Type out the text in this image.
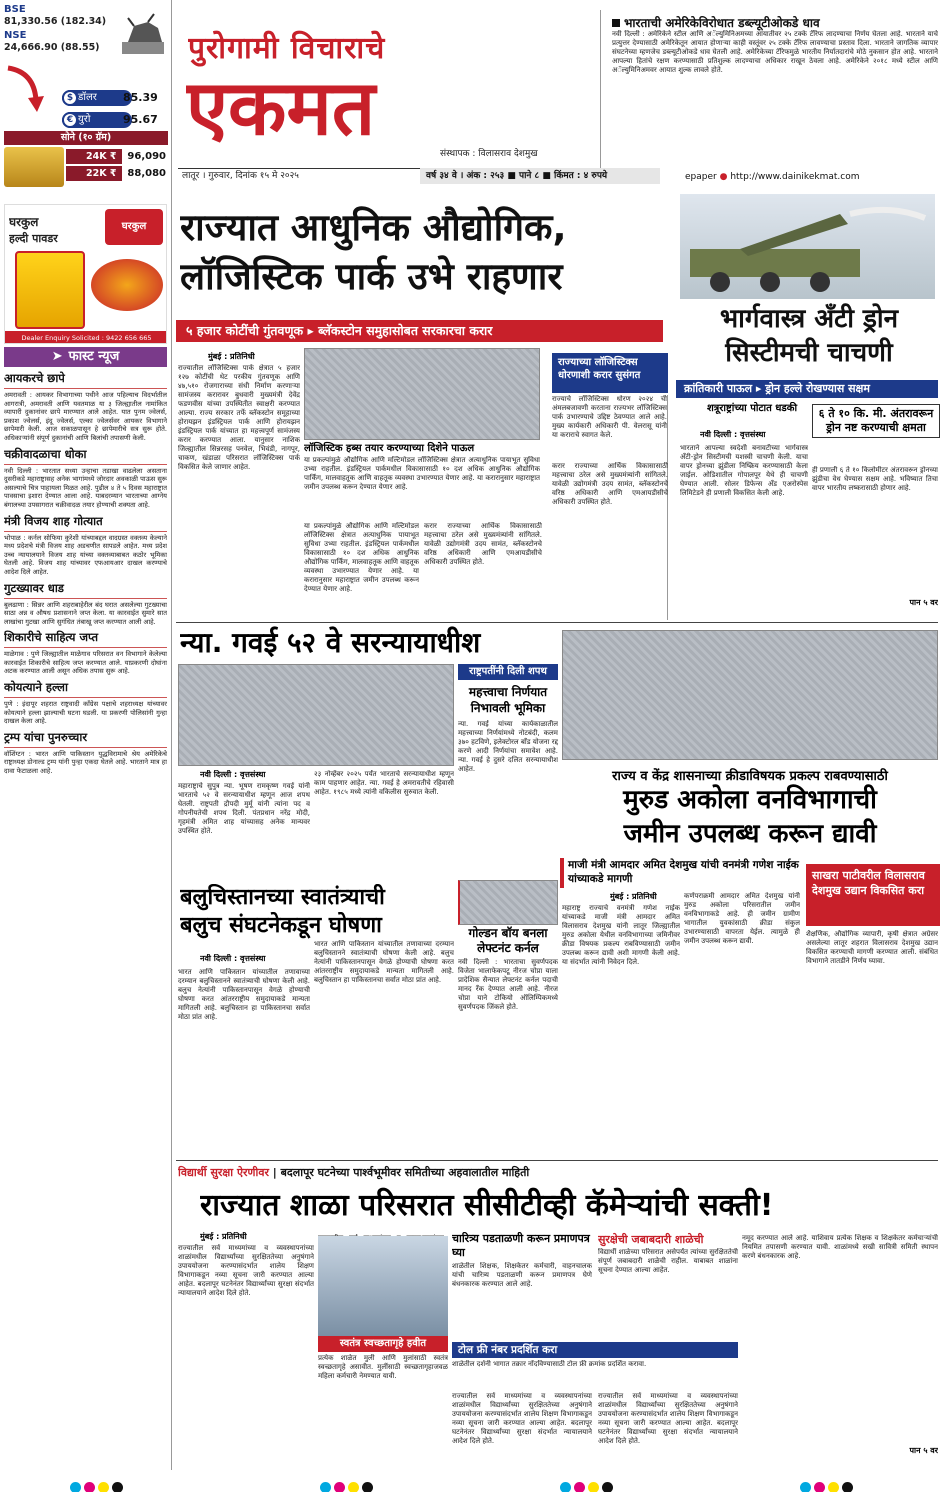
BSE
81,330.56 (182.34)
NSE
24,666.90 (88.55)
डॉलर
$	85.39
युरो
€	95.67
सोने (१० ग्रॅम)
24K ₹	96,090
22K ₹	88,080
घरकुल
हल्दी पावडर
घरकुल
Dealer Enquiry Solicited : 9422 656 665
➤ फास्ट न्यूज
आयकरचे छापे
अमरावती : आयकर विभागाच्या पथीने आज पहिल्याच विदर्भातील आगरात्री, अमरावती आणि यवतमाळ या ३ जिल्ह्यातील नामांकित व्यापारी दुकानांवर छापे मारण्यात आले आहेत. यात पुनम ज्वेलर्स, प्रकाश ज्वेलर्स, इंदू ज्वेलर्स, एल्का ज्वेलर्सवर आयकर विभागाने छापेमारी केली. आज सकाळपासून हे छापेमारीचे सत्र सुरू होते. अधिकाऱ्यांनी संपूर्ण दुकानांची आणि बिलांची तपासणी केली.
चक्रीवादळाचा धोका
नवी दिल्ली : भारतात सध्या उन्हाचा तडाखा वाढलेला असताना दुसरीकडे महाराष्ट्रासह अनेक भागांमध्ये जोरदार अवकाळी पाऊस सुरू असल्याचे चित्र पाहायला मिळत आहे. पुढील ४ ते ५ दिवस महाराष्ट्रात पावसाचा इशारा देण्यात आला आहे. याबदरम्यान भारताच्या आग्नेय बंगालच्या उपसागरात चक्रीवादळ तयार होण्याची शक्यता आहे.
मंत्री विजय शाह गोत्यात
भोपाळ : कर्नल सोफिया कुरेशी यांच्याबद्दल वादग्रस्त वक्तव्य केल्याने मध्य प्रदेशचे मंत्री विजय शाह अडचणीत सापडले आहेत. मध्य प्रदेश उच्च न्यायालयाने विजय शाह यांच्या वक्तव्याबाबत कठोर भूमिका घेतली आहे. विजय शाह यांच्यावर एफआयआर दाखल करण्याचे आदेश दिले आहेत.
गुटख्यावर धाड
बुलढाणा : सिन्नर आणि शहराबाहेरील बंद घरात असलेल्या गुटख्याचा साठा अन्न व औषध प्रशासनाने जप्त केला. या कारवाईत सुमारे सात लाखांचा गुटखा आणि सुगंधित तंबाखू जप्त करण्यात आली आहे.
शिकारीचे साहित्य जप्त
माळेगाव : पुणे जिल्ह्यातील माळेगाव परिसरात वन विभागाने केलेल्या कारवाईत शिकारीचे साहित्य जप्त करण्यात आले. याप्रकरणी दोघांना अटक करण्यात आली असून अधिक तपास सुरू आहे.
कोयत्याने हल्ला
पुणे : इंदापूर शहरात राष्ट्रवादी काँग्रेस पक्षाचे शहराध्यक्ष यांच्यावर कोयत्याने हल्ला झाल्याची घटना घडली. या प्रकरणी पोलिसांनी गुन्हा दाखल केला आहे.
ट्रम्प यांचा पुनरुच्चार
वॉशिंग्टन : भारत आणि पाकिस्तान युद्धविरामाचे श्रेय अमेरिकेचे राष्ट्राध्यक्ष डोनाल्ड ट्रम्प यांनी पुन्हा एकदा घेतले आहे. भारताने मात्र हा दावा फेटाळला आहे.
पुरोगामी विचाराचे
एकमत
संस्थापक : विलासराव देशमुख
लातूर । गुरुवार, दिनांक १५ मे २०२५	वर्ष ३४ वे । अंक : २५३ ■ पाने ८ ■ किंमत : ४ रुपये	epaper ● http://www.dainikekmat.com
भारताची अमेरिकेविरोधात डब्ल्यूटीओकडे धाव
नवी दिल्ली : अमेरिकेने स्टील आणि अॅल्युमिनिअमच्या आयातीवर २५ टक्के टॅरिफ लादण्याचा निर्णय घेतला आहे. भारताने याचे प्रत्युत्तर देण्यासाठी अमेरिकेतून आयात होणाऱ्या काही वस्तूंवर २५ टक्के टॅरिफ लावण्याचा प्रस्ताव दिला. भारताने जागतिक व्यापार संघटनेच्या म्हणजेच डब्ल्यूटीओकडे धाव घेतली आहे. अमेरिकेच्या टॅरिफमुळे भारतीय निर्यातदारांचे मोठे नुकसान होत आहे. भारताने आपल्या हितांचे रक्षण करण्यासाठी प्रतिशुल्क लादण्याचा अधिकार राखून ठेवला आहे. अमेरिकेने २०१८ मध्ये स्टील आणि अॅल्युमिनिअमवर आयात शुल्क लावले होते.
राज्यात आधुनिक औद्योगिक,
लॉजिस्टिक पार्क उभे राहणार
५ हजार कोटींची गुंतवणूक ▸ ब्लॅकस्टोन समुहासोबत सरकारचा करार
मुंबई : प्रतिनिधी
राज्यातील लॉजिस्टिक्स पार्क क्षेत्रात ५ हजार १२७ कोटींची थेट परकीय गुंतवणूक आणि ४७,५१० रोजगाराच्या संधी निर्माण करणाऱ्या सामंजस्य करारावर बुधवारी मुख्यमंत्री देवेंद्र फडणवीस यांच्या उपस्थितीत स्वाक्षरी करण्यात आल्या. राज्य सरकार तर्फे ब्लॅकस्टोन समूहाच्या होरायझन इंडस्ट्रियल पार्क आणि होरायझन इंडस्ट्रियल पार्क यांच्यात हा महत्त्वपूर्ण सामंजस्य करार करण्यात आला. यानुसार नाशिक जिल्ह्यातील सिन्नरसह पनवेल, भिवंडी, नागपूर, चाकण, खंडाळा परिसरात लॉजिस्टिक्स पार्क विकसित केले जाणार आहेत.
लॉजिस्टिक हब्स तयार करण्याच्या दिशेने पाऊल
या प्रकल्पांमुळे औद्योगिक आणि मल्टिमोडल लॉजिस्टिक्स क्षेत्रात अत्याधुनिक पायाभूत सुविधा उभ्या राहतील. इंडस्ट्रियल पार्कमधील विकासासाठी १० दश अधिक आधुनिक औद्योगिक पार्किंग, मालवाहतूक आणि वाहतूक व्यवस्था उभारण्यात येणार आहे. या करारानुसार महाराष्ट्रात जमीन उपलब्ध करून देण्यात येणार आहे.
या प्रकल्पांमुळे औद्योगिक आणि मल्टिमोडल लॉजिस्टिक्स क्षेत्रात अत्याधुनिक पायाभूत सुविधा उभ्या राहतील. इंडस्ट्रियल पार्कमधील विकासासाठी १० दश अधिक आधुनिक औद्योगिक पार्किंग, मालवाहतूक आणि वाहतूक व्यवस्था उभारण्यात येणार आहे. या करारानुसार महाराष्ट्रात जमीन उपलब्ध करून देण्यात येणार आहे.
करार राज्याच्या आर्थिक विकासासाठी महत्त्वाचा ठरेल असे मुख्यमंत्र्यांनी सांगितले. यावेळी उद्योगमंत्री उदय सामंत, ब्लॅकस्टोनचे वरिष्ठ अधिकारी आणि एमआयडीसीचे अधिकारी उपस्थित होते.
राज्याच्या लॉजिस्टिक्स धोरणाशी करार सुसंगत
राज्याचे लॉजिस्टिक्स धोरण २०२४ ची अंमलबजावणी करताना राज्यभर लॉजिस्टिक्स पार्क उभारण्याचे उद्दिष्ट ठेवण्यात आले आहे. मुख्य कार्यकारी अधिकारी पी. वेलरासू यांनी या कराराचे स्वागत केले.
करार राज्याच्या आर्थिक विकासासाठी महत्त्वाचा ठरेल असे मुख्यमंत्र्यांनी सांगितले. यावेळी उद्योगमंत्री उदय सामंत, ब्लॅकस्टोनचे वरिष्ठ अधिकारी आणि एमआयडीसीचे अधिकारी उपस्थित होते.
भार्गवास्त्र अँटी ड्रोन सिस्टीमची चाचणी
क्रांतिकारी पाऊल ▸ ड्रोन हल्ले रोखण्यास सक्षम
शत्रूराष्ट्रांच्या पोटात धडकी
नवी दिल्ली : वृत्तसंस्था
भारताने आपल्या स्वदेशी बनावटीच्या भार्गवास्त्र अँटी-ड्रोन सिस्टीमची यशस्वी चाचणी केली. याचा वापर ड्रोनच्या झुंडीला निष्क्रिय करण्यासाठी केला जाईल. ओडिशातील गोपालपूर येथे ही चाचणी घेण्यात आली. सोलर डिफेन्स अँड एअरोस्पेस लिमिटेडने ही प्रणाली विकसित केली आहे.
६ ते १० कि. मी. अंतरावरून ड्रोन नष्ट करण्याची क्षमता
ही प्रणाली ६ ते १० किलोमीटर अंतरावरून ड्रोनच्या झुंडीचा वेध घेण्यास सक्षम आहे. भविष्यात तिचा वापर भारतीय लष्करासाठी होणार आहे.
पान ५ वर
न्या. गवई ५२ वे सरन्यायाधीश
नवी दिल्ली : वृत्तसंस्था
महाराष्ट्राचे सुपुत्र न्या. भूषण रामकृष्ण गवई यांनी भारताचे ५२ वे सरन्यायाधीश म्हणून आज शपथ घेतली. राष्ट्रपती द्रौपदी मुर्मू यांनी त्यांना पद व गोपनीयतेची शपथ दिली. पंतप्रधान नरेंद्र मोदी, गृहमंत्री अमित शाह यांच्यासह अनेक मान्यवर उपस्थित होते.
२३ नोव्हेंबर २०२५ पर्यंत भारताचे सरन्यायाधीश म्हणून काम पाहणार आहेत. न्या. गवई हे अमरावतीचे रहिवासी आहेत. १९८५ मध्ये त्यांनी वकिलीस सुरुवात केली.
राष्ट्रपतींनी दिली शपथ
महत्त्वाचा निर्णयात निभावली भूमिका
न्या. गवई यांच्या कार्यकाळातील महत्त्वाच्या निर्णयांमध्ये नोटबंदी, कलम ३७० हटविणे, इलेक्टोरल बाँड योजना रद्द करणे आदी निर्णयांचा समावेश आहे. न्या. गवई हे दुसरे दलित सरन्यायाधीश आहेत.	राज्य व केंद्र शासनाच्या क्रीडाविषयक प्रकल्प राबवण्यासाठी
मुरुड अकोला वनविभागाची
जमीन उपलब्ध करून द्यावी
माजी मंत्री आमदार अमित देशमुख यांची वनमंत्री गणेश नाईक यांच्याकडे मागणी
गोल्डन बॉय बनला लेफ्टनंट कर्नल
नवी दिल्ली : भारताचा सुवर्णपदक विजेता भालाफेकपटू नीरज चोप्रा याला प्रादेशिक सैन्यात लेफ्टनंट कर्नल पदाची मानद रँक देण्यात आली आहे. नीरज चोप्रा याने टोकियो ऑलिम्पिकमध्ये सुवर्णपदक जिंकले होते.
बलुचिस्तानच्या स्वातंत्र्याची
बलुच संघटनेकडून घोषणा
नवी दिल्ली : वृत्तसंस्था
भारत आणि पाकिस्तान यांच्यातील तणावाच्या दरम्यान बलुचिस्तानने स्वातंत्र्याची घोषणा केली आहे. बलुच नेत्यांनी पाकिस्तानपासून वेगळे होण्याची घोषणा करत आंतरराष्ट्रीय समुदायाकडे मान्यता मागितली आहे. बलुचिस्तान हा पाकिस्तानचा सर्वात मोठा प्रांत आहे.
भारत आणि पाकिस्तान यांच्यातील तणावाच्या दरम्यान बलुचिस्तानने स्वातंत्र्याची घोषणा केली आहे. बलुच नेत्यांनी पाकिस्तानपासून वेगळे होण्याची घोषणा करत आंतरराष्ट्रीय समुदायाकडे मान्यता मागितली आहे. बलुचिस्तान हा पाकिस्तानचा सर्वात मोठा प्रांत आहे.
मुंबई : प्रतिनिधी
महाराष्ट्र राज्याचे वनमंत्री गणेश नाईक यांच्याकडे माजी मंत्री आमदार अमित विलासराव देशमुख यांनी लातूर जिल्ह्यातील मुरुड अकोला येथील वनविभागाच्या जमिनीवर क्रीडा विषयक प्रकल्प राबविण्यासाठी जमीन उपलब्ध करून द्यावी अशी मागणी केली आहे. या संदर्भात त्यांनी निवेदन दिले.
कर्णपराक्रमी आमदार अमित देशमुख यांनी मुरुड अकोला परिसरातील जमीन वनविभागाकडे आहे. ही जमीन ग्रामीण भागातील युवकांसाठी क्रीडा संकुल उभारण्यासाठी वापरता येईल. त्यामुळे ही जमीन उपलब्ध करून द्यावी.
साखरा पाटीवरील विलासराव देशमुख उद्यान विकसित करा
शैक्षणिक, औद्योगिक व्यापारी, कृषी क्षेत्रात अग्रेसर असलेल्या लातूर शहरात विलासराव देशमुख उद्यान विकसित करण्याची मागणी करण्यात आली. संबंधित विभागाने तातडीने निर्णय घ्यावा.
विद्यार्थी सुरक्षा ऐरणीवर | बदलापूर घटनेच्या पार्श्वभूमीवर समितीच्या अहवालातील माहिती
राज्यात शाळा परिसरात सीसीटीव्ही कॅमेऱ्यांची सक्ती!
मुंबई : प्रतिनिधी
राज्यातील सर्व माध्यमांच्या व व्यवस्थापनांच्या शाळांमधील विद्यार्थ्यांच्या सुरक्षिततेच्या अनुषंगाने उपाययोजना करण्यासंदर्भात शालेय शिक्षण विभागाकडून नव्या सूचना जारी करण्यात आल्या आहेत. बदलापूर घटनेनंतर विद्यार्थ्यांच्या सुरक्षा संदर्भात न्यायालयाने आदेश दिले होते.
स्वतंत्र स्वच्छतागृहे हवीत
प्रत्येक शाळेत मुली आणि मुलांसाठी स्वतंत्र स्वच्छतागृहे असावीत. मुलींसाठी स्वच्छतागृहाजवळ महिला कर्मचारी नेमण्यात यावी.
चारित्र्य पडताळणी करून प्रमाणपत्र घ्या
शाळेतील शिक्षक, शिक्षकेतर कर्मचारी, वाहनचालक यांची चारित्र्य पडताळणी करून प्रमाणपत्र घेणे बंधनकारक करण्यात आले आहे.
सुरक्षेची जबाबदारी शाळेची
विद्यार्थी शाळेच्या परिसरात असेपर्यंत त्यांच्या सुरक्षिततेची संपूर्ण जबाबदारी शाळेची राहील. याबाबत शाळांना सूचना देण्यात आल्या आहेत.
टोल फ्री नंबर प्रदर्शित करा
शाळेतील दर्शनी भागात तक्रार नोंदविण्यासाठी टोल फ्री क्रमांक प्रदर्शित करावा.
राज्यातील सर्व माध्यमांच्या व व्यवस्थापनांच्या शाळांमधील विद्यार्थ्यांच्या सुरक्षिततेच्या अनुषंगाने उपाययोजना करण्यासंदर्भात शालेय शिक्षण विभागाकडून नव्या सूचना जारी करण्यात आल्या आहेत. बदलापूर घटनेनंतर विद्यार्थ्यांच्या सुरक्षा संदर्भात न्यायालयाने आदेश दिले होते.
राज्यातील सर्व माध्यमांच्या व व्यवस्थापनांच्या शाळांमधील विद्यार्थ्यांच्या सुरक्षिततेच्या अनुषंगाने उपाययोजना करण्यासंदर्भात शालेय शिक्षण विभागाकडून नव्या सूचना जारी करण्यात आल्या आहेत. बदलापूर घटनेनंतर विद्यार्थ्यांच्या सुरक्षा संदर्भात न्यायालयाने आदेश दिले होते.
नमूद करण्यात आले आहे. याशिवाय प्रत्येक शिक्षक व शिक्षकेतर कर्मचाऱ्यांची नियमित तपासणी करण्यात यावी. शाळांमध्ये सखी सावित्री समिती स्थापन करणे बंधनकारक आहे.
पान ५ वर
